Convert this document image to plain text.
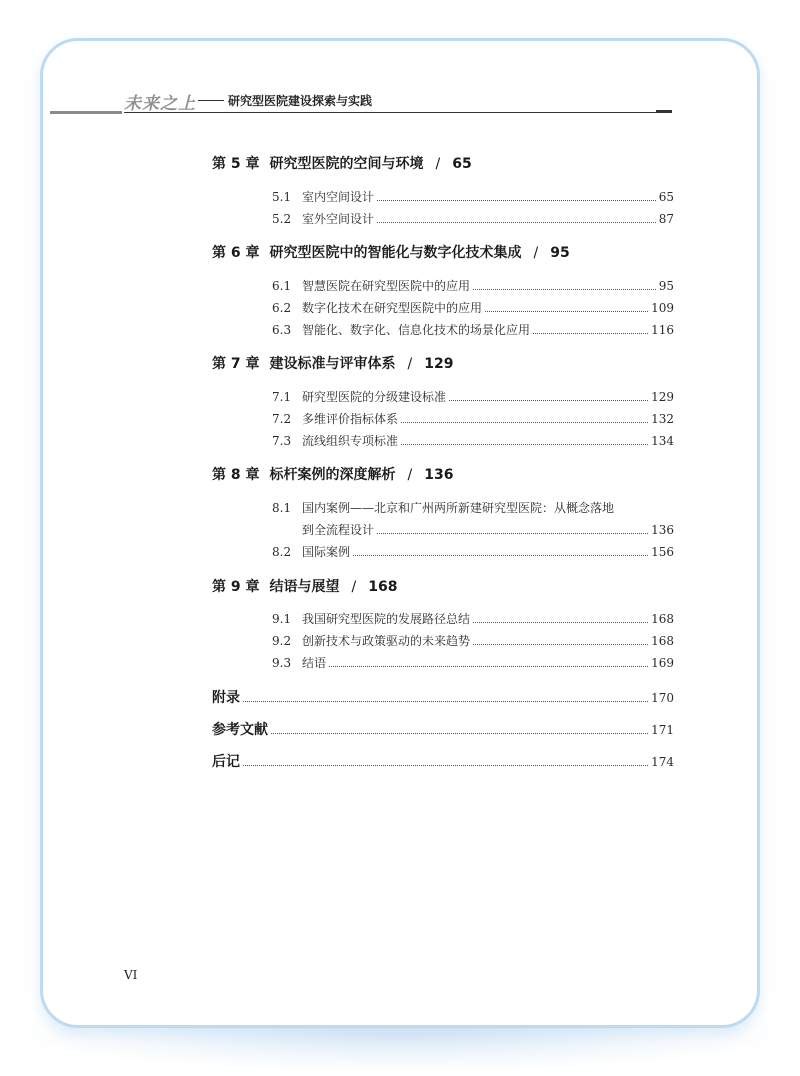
未来之上	研究型医院建设探索与实践
第 5 章 研究型医院的空间与环境 / 65
5.1 室内空间设计	65
5.2 室外空间设计	87
第 6 章 研究型医院中的智能化与数字化技术集成 / 95
6.1 智慧医院在研究型医院中的应用	95
6.2 数字化技术在研究型医院中的应用	109
6.3 智能化、数字化、信息化技术的场景化应用	116
第 7 章 建设标准与评审体系 / 129
7.1 研究型医院的分级建设标准	129
7.2 多维评价指标体系	132
7.3 流线组织专项标准	134
第 8 章 标杆案例的深度解析 / 136
8.1 国内案例——北京和广州两所新建研究型医院：从概念落地
到全流程设计	136
8.2 国际案例	156
第 9 章 结语与展望 / 168
9.1 我国研究型医院的发展路径总结	168
9.2 创新技术与政策驱动的未来趋势	168
9.3 结语	169
附录	170
参考文献	171
后记	174
VI
